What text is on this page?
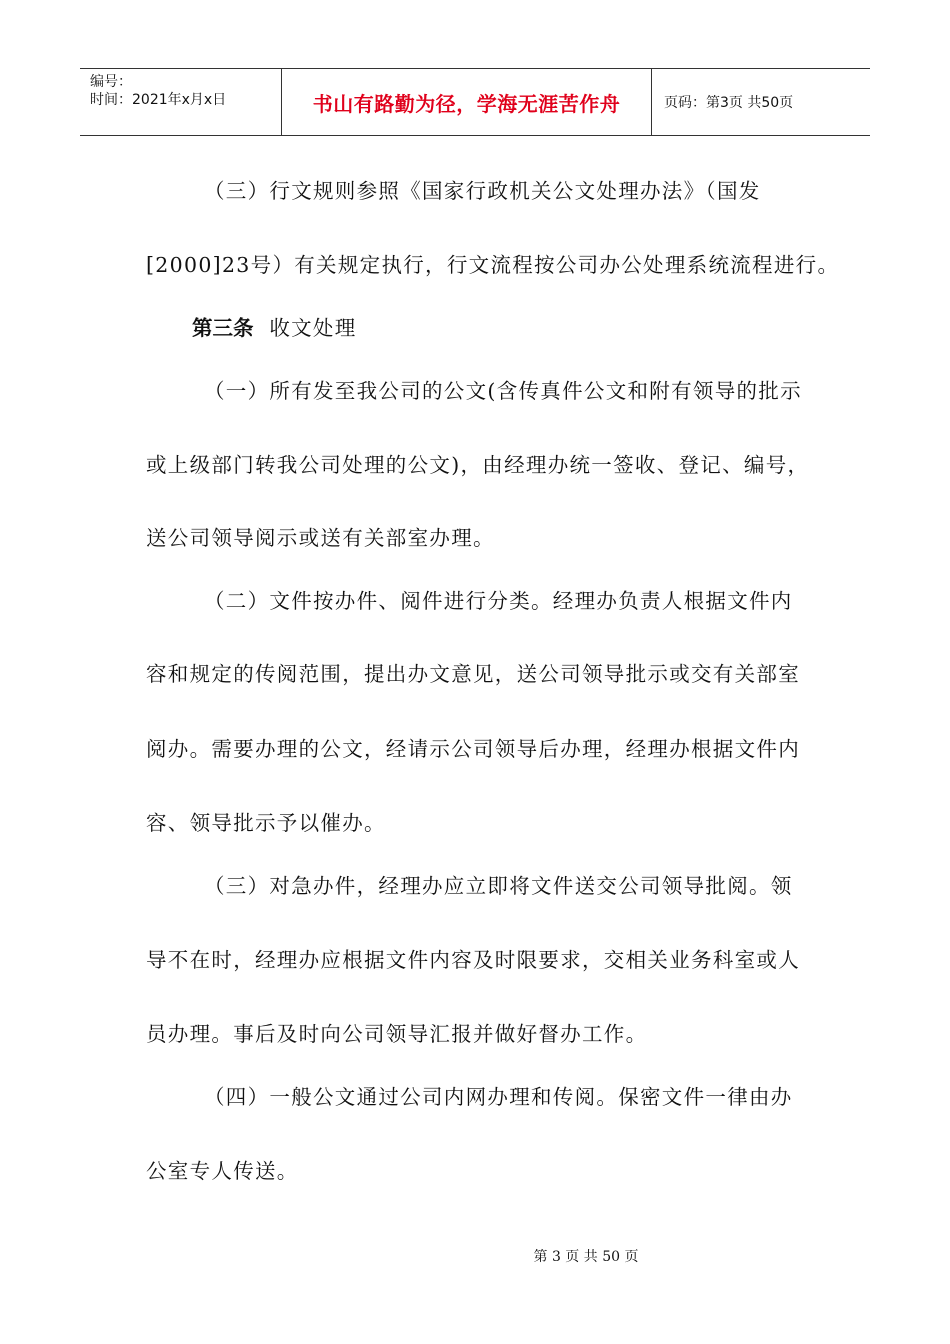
编号：
时间：2021年x月x日	书山有路勤为径，学海无涯苦作舟	页码：第3页 共50页
（三）行文规则参照《国家行政机关公文处理办法》（国发
[2000]23号）有关规定执行，行文流程按公司办公处理系统流程进行。
第三条 收文处理
（一）所有发至我公司的公文(含传真件公文和附有领导的批示
或上级部门转我公司处理的公文)，由经理办统一签收、登记、编号，
送公司领导阅示或送有关部室办理。
（二）文件按办件、阅件进行分类。经理办负责人根据文件内
容和规定的传阅范围，提出办文意见，送公司领导批示或交有关部室
阅办。需要办理的公文，经请示公司领导后办理，经理办根据文件内
容、领导批示予以催办。
（三）对急办件，经理办应立即将文件送交公司领导批阅。领
导不在时，经理办应根据文件内容及时限要求，交相关业务科室或人
员办理。事后及时向公司领导汇报并做好督办工作。
（四）一般公文通过公司内网办理和传阅。保密文件一律由办
公室专人传送。
第 3 页 共 50 页
